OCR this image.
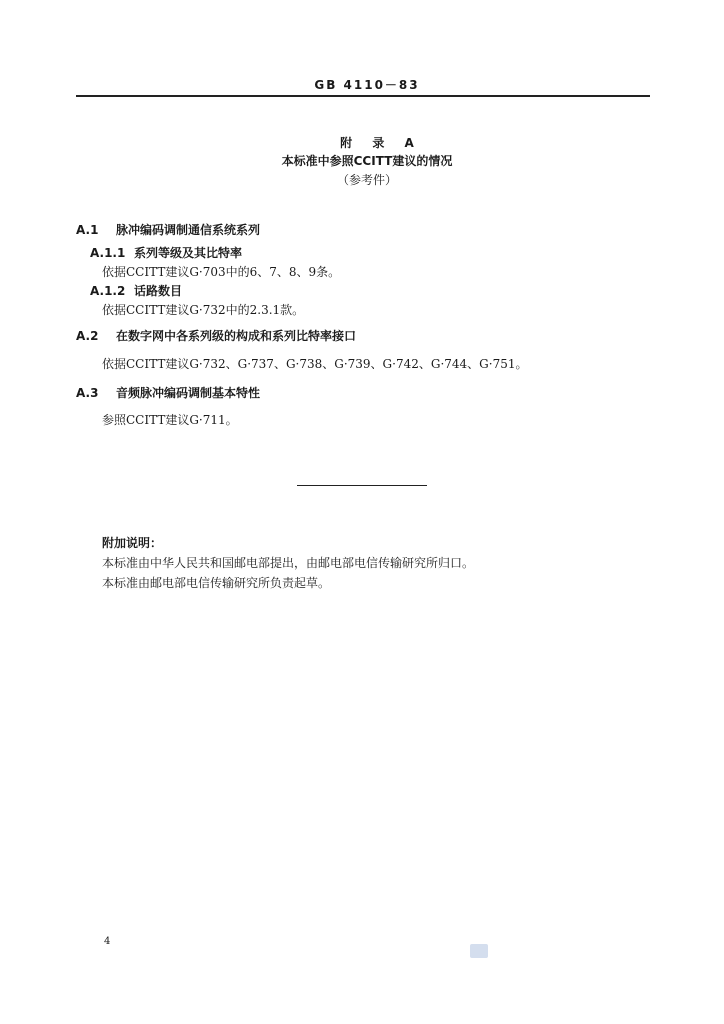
GB 4110－83
附 录 A
本标准中参照CCITT建议的情况
（参考件）
A.1 脉冲编码调制通信系统系列
A.1.1 系列等级及其比特率
依据CCITT建议G·703中的6、7、8、9条。
A.1.2 话路数目
依据CCITT建议G·732中的2.3.1款。
A.2 在数字网中各系列级的构成和系列比特率接口
依据CCITT建议G·732、G·737、G·738、G·739、G·742、G·744、G·751。
A.3 音频脉冲编码调制基本特性
参照CCITT建议G·711。
附加说明：
本标准由中华人民共和国邮电部提出，由邮电部电信传输研究所归口。
本标准由邮电部电信传输研究所负责起草。
4
